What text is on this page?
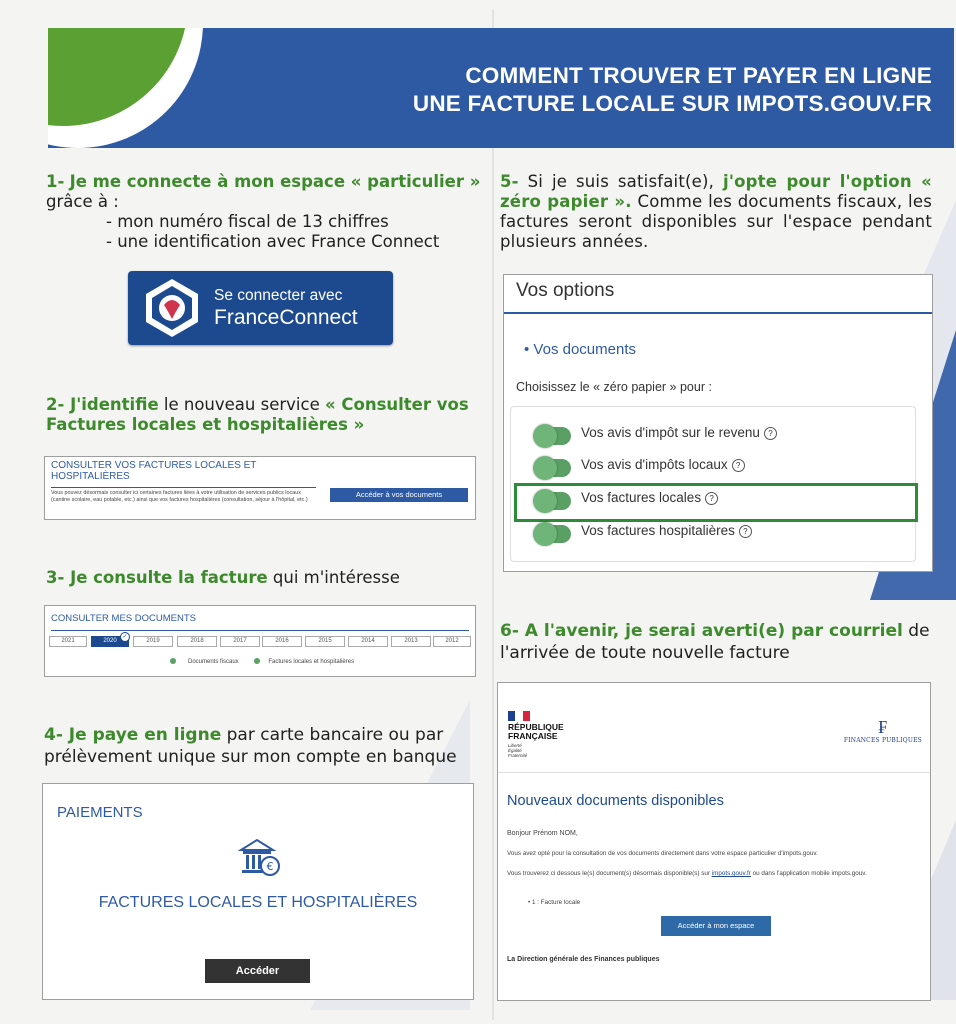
COMMENT TROUVER ET PAYER EN LIGNE
UNE FACTURE LOCALE SUR IMPOTS.GOUV.FR
1- Je me connecte à mon espace « particulier »
grâce à :
- mon numéro fiscal de 13 chiffres
- une identification avec France Connect
Se connecter avec
FranceConnect
2- J'identifie le nouveau service « Consulter vos Factures locales et hospitalières »
CONSULTER VOS FACTURES LOCALES ET HOSPITALIÈRES
Vous pouvez désormais consulter ici certaines factures liées à votre utilisation de services publics locaux (cantine scolaire, eau potable, etc.) ainsi que vos factures hospitalières (consultation, séjour à l'hôpital, etc.)
Accéder à vos documents
3- Je consulte la facture qui m'intéresse
CONSULTER MES DOCUMENTS
Documents fiscaux	Factures locales et hospitalières
2021	2020	2019	2018	2017	2016	2015	2014	2013	2012
✓
4- Je paye en ligne par carte bancaire ou par prélèvement unique sur mon compte en banque
PAIEMENTS
€
FACTURES LOCALES ET HOSPITALIÈRES
Accéder
5- Si je suis satisfait(e), j'opte pour l'option « zéro papier ». Comme les documents fiscaux, les factures seront disponibles sur l'espace pendant plusieurs années.
Vos options
• Vos documents
Choisissez le « zéro papier » pour :
Vos avis d'impôt sur le revenu ?
Vos avis d'impôts locaux ?
Vos factures locales ?
Vos factures hospitalières ?
6- A l'avenir, je serai averti(e) par courriel de l'arrivée de toute nouvelle facture
RÉPUBLIQUE
FRANÇAISE
Liberté
Égalité
Fraternité
₣
FINANCES PUBLIQUES
Nouveaux documents disponibles
Bonjour Prénom NOM,
Vous avez opté pour la consultation de vos documents directement dans votre espace particulier d'impots.gouv.
Vous trouverez ci dessous le(s) document(s) désormais disponible(s) sur impots.gouv.fr ou dans l'application mobile impots.gouv.
• 1 : Facture locale
Accéder à mon espace
La Direction générale des Finances publiques
